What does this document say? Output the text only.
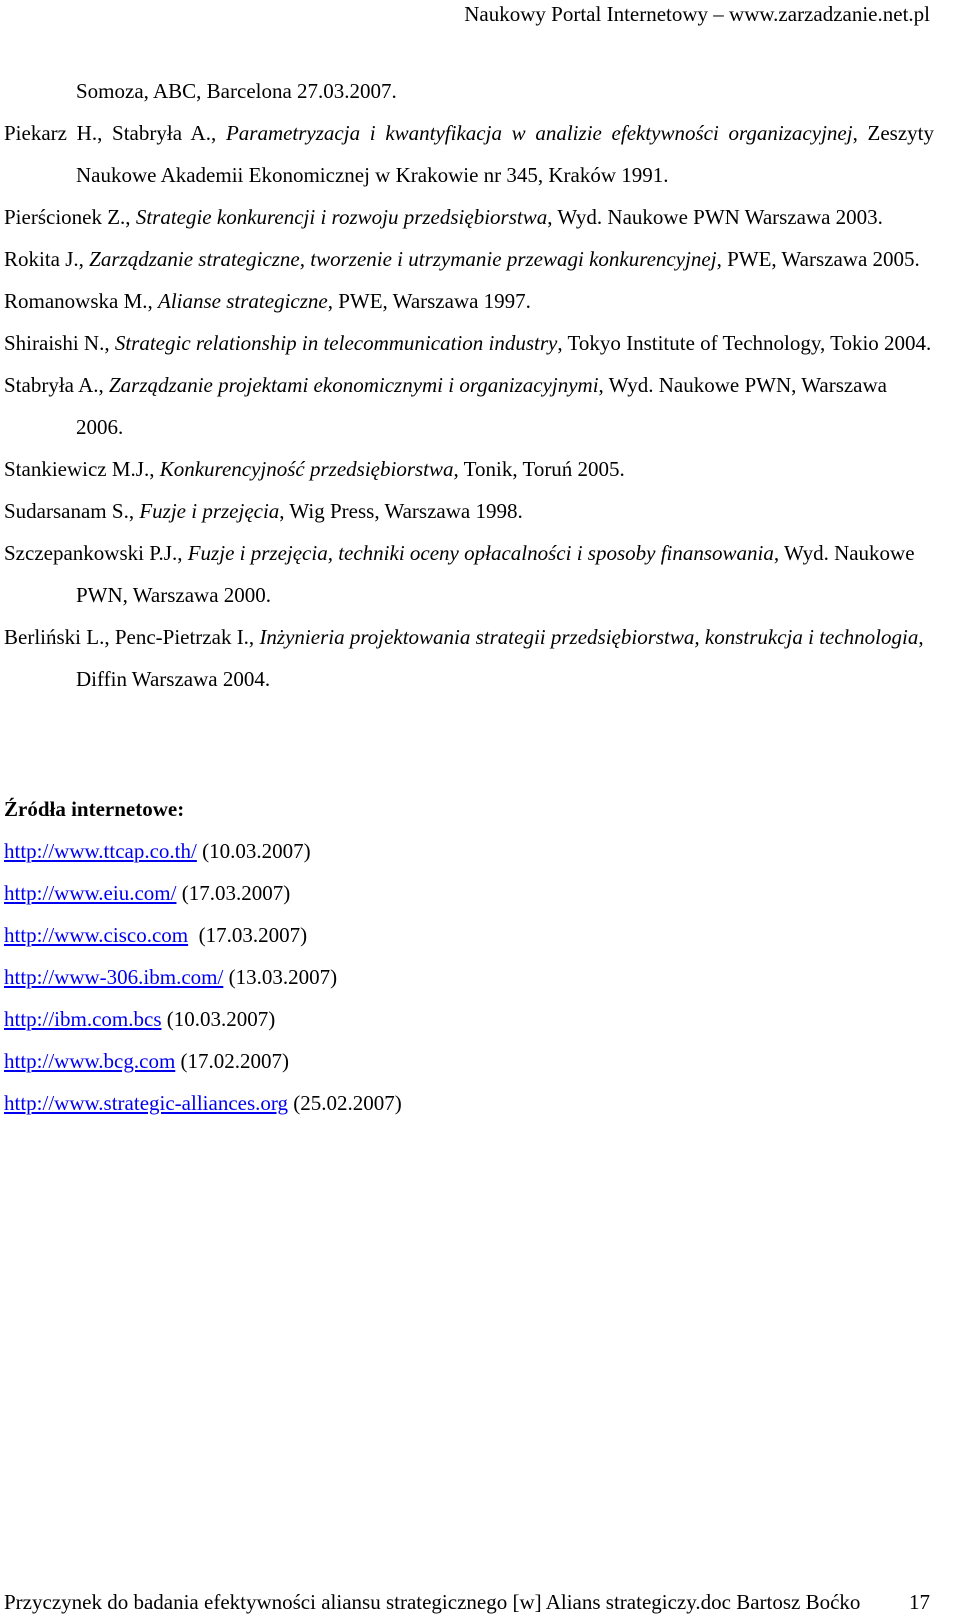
Naukowy Portal Internetowy – www.zarzadzanie.net.pl
Somoza, ABC, Barcelona 27.03.2007.
Piekarz H., Stabryła A., Parametryzacja i kwantyfikacja w analizie efektywności organizacyjnej, Zeszyty Naukowe Akademii Ekonomicznej w Krakowie nr 345, Kraków 1991.
Pierścionek Z., Strategie konkurencji i rozwoju przedsiębiorstwa, Wyd. Naukowe PWN Warszawa 2003.
Rokita J., Zarządzanie strategiczne, tworzenie i utrzymanie przewagi konkurencyjnej, PWE, Warszawa 2005.
Romanowska M., Alianse strategiczne, PWE, Warszawa 1997.
Shiraishi N., Strategic relationship in telecommunication industry, Tokyo Institute of Technology, Tokio 2004.
Stabryła A., Zarządzanie projektami ekonomicznymi i organizacyjnymi, Wyd. Naukowe PWN, Warszawa 2006.
Stankiewicz M.J., Konkurencyjność przedsiębiorstwa, Tonik, Toruń 2005.
Sudarsanam S., Fuzje i przejęcia, Wig Press, Warszawa 1998.
Szczepankowski P.J., Fuzje i przejęcia, techniki oceny opłacalności i sposoby finansowania, Wyd. Naukowe PWN, Warszawa 2000.
Berliński L., Penc-Pietrzak I., Inżynieria projektowania strategii przedsiębiorstwa, konstrukcja i technologia, Diffin Warszawa 2004.
Źródła internetowe:
http://www.ttcap.co.th/ (10.03.2007)
http://www.eiu.com/ (17.03.2007)
http://www.cisco.com  (17.03.2007)
http://www-306.ibm.com/ (13.03.2007)
http://ibm.com.bcs (10.03.2007)
http://www.bcg.com (17.02.2007)
http://www.strategic-alliances.org (25.02.2007)
Przyczynek do badania efektywności aliansu strategicznego [w] Alians strategiczy.doc Bartosz Boćko 17
